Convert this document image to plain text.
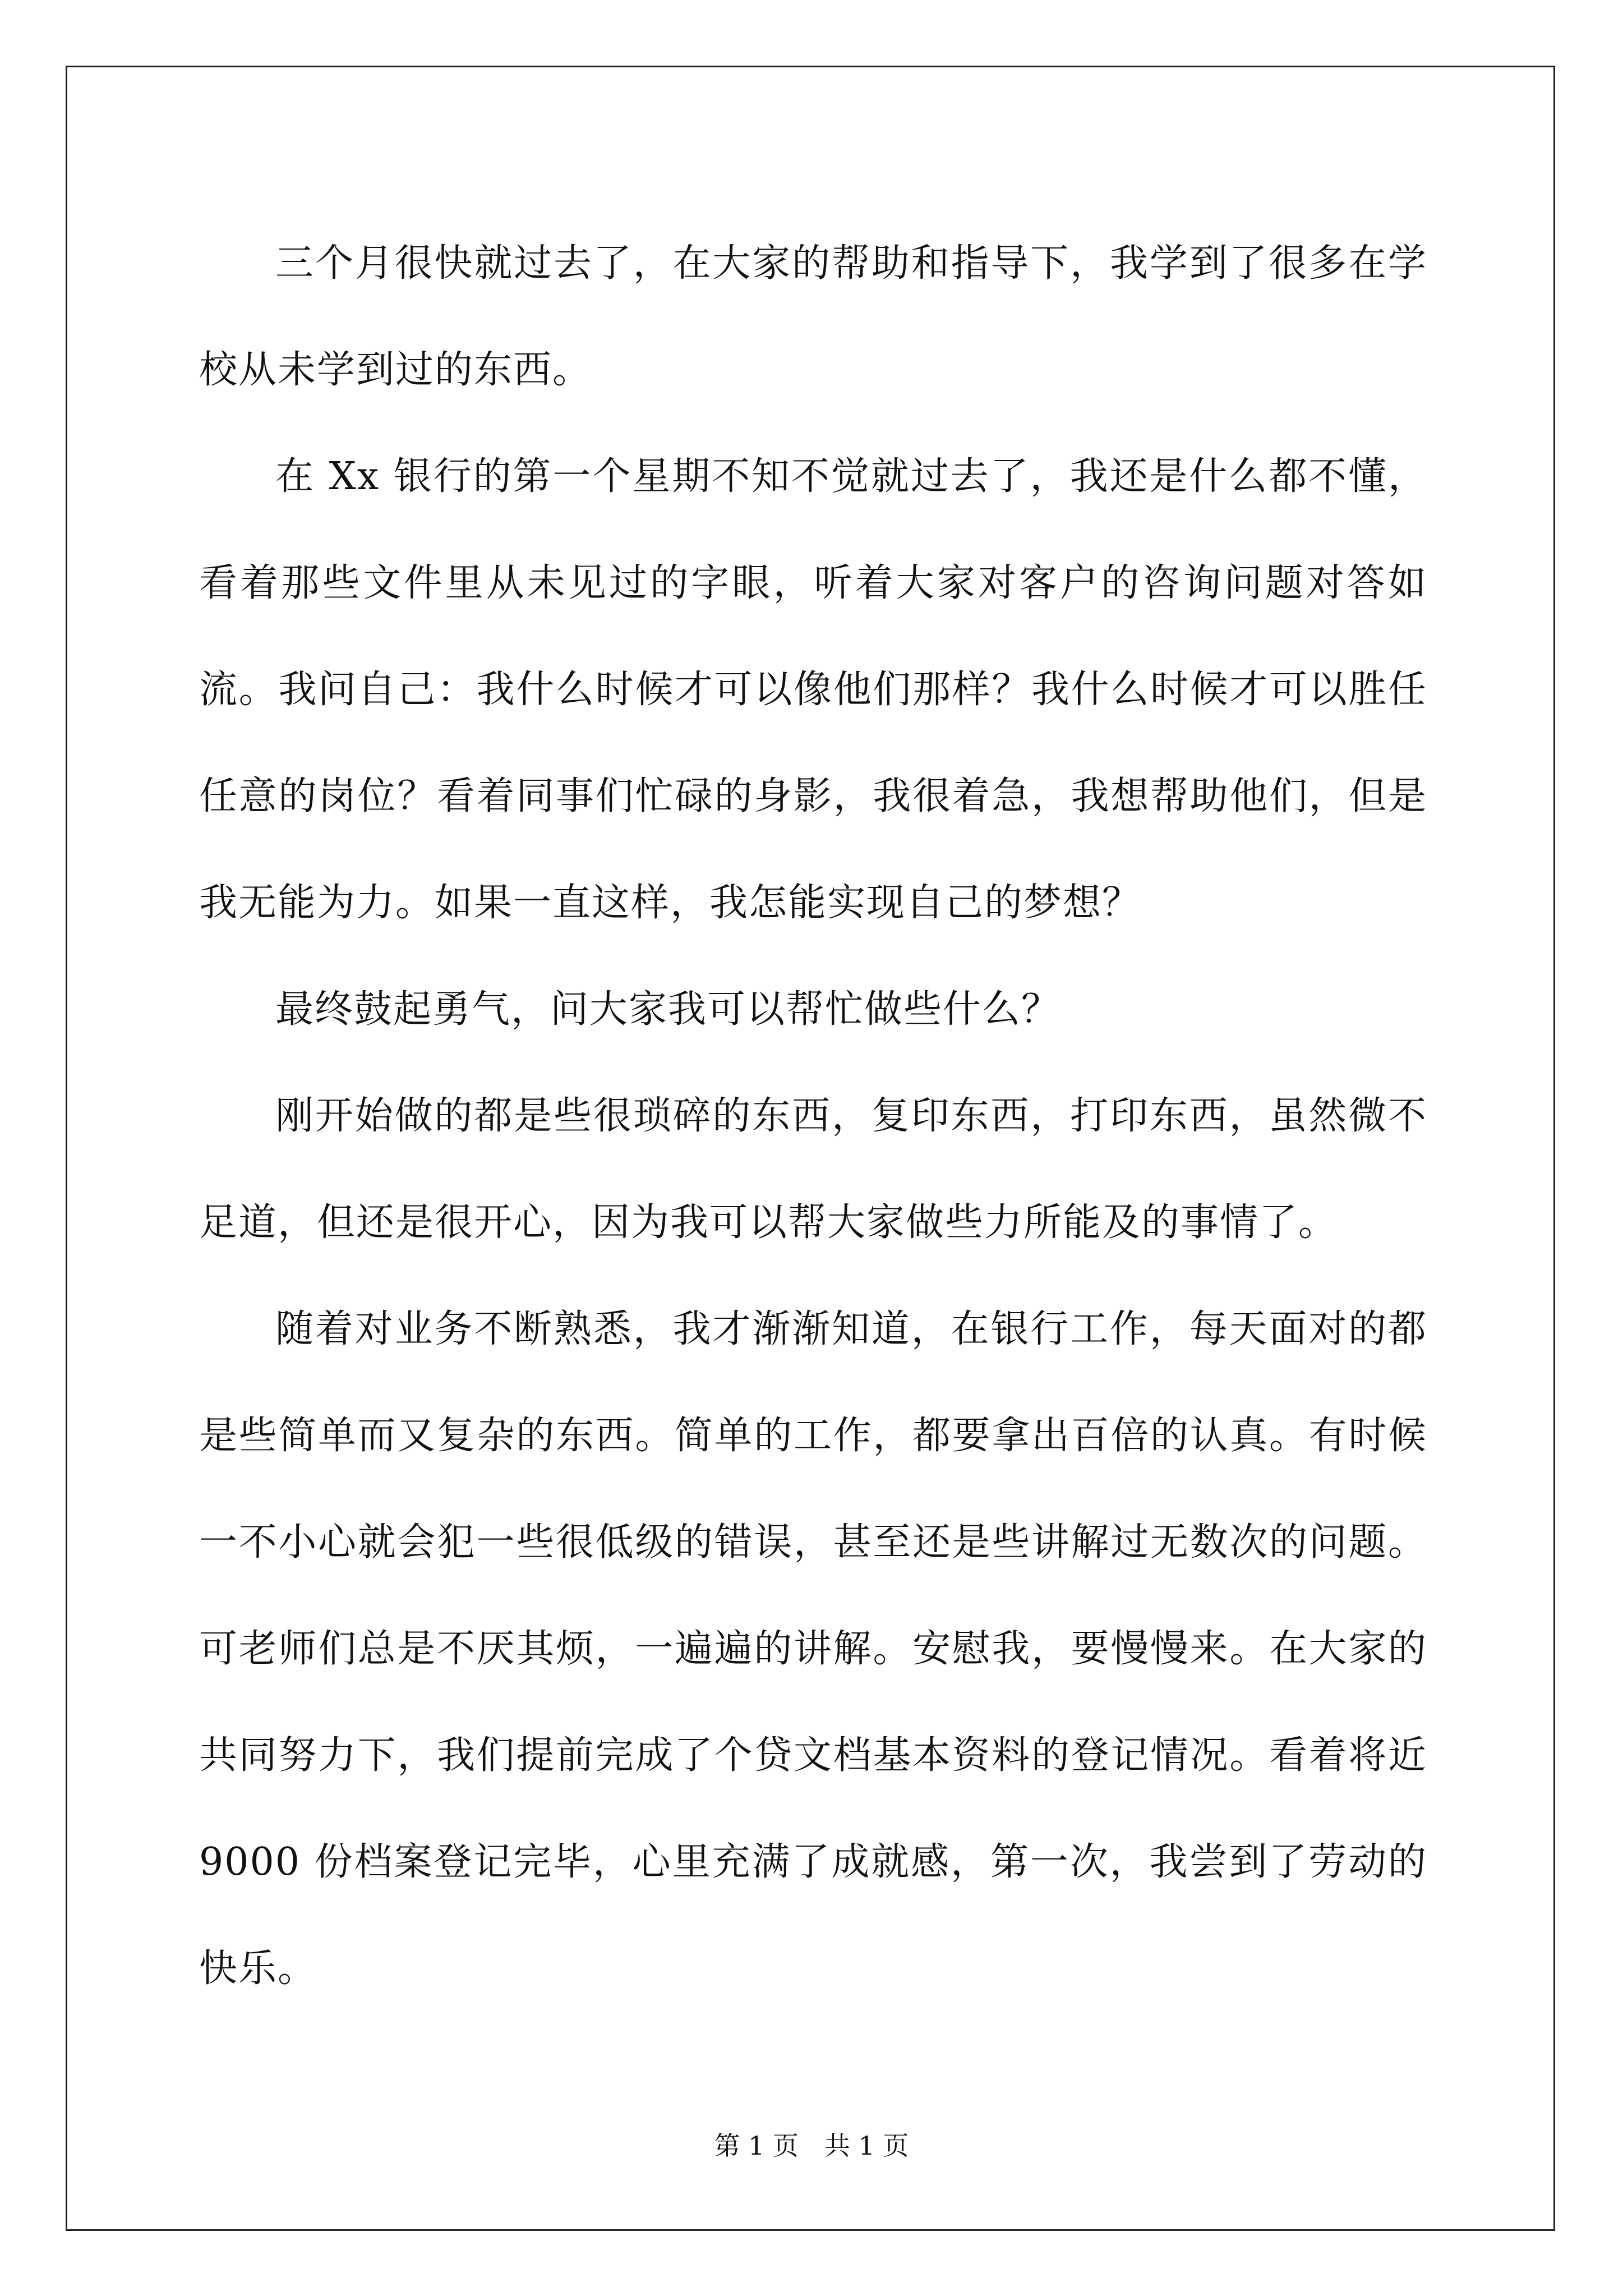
三个月很快就过去了，在大家的帮助和指导下，我学到了很多在学校从未学到过的东西。

在 Xx 银行的第一个星期不知不觉就过去了，我还是什么都不懂，看着那些文件里从未见过的字眼，听着大家对客户的咨询问题对答如流。我问自己：我什么时候才可以像他们那样？我什么时候才可以胜任任意的岗位？看着同事们忙碌的身影，我很着急，我想帮助他们，但是我无能为力。如果一直这样，我怎能实现自己的梦想？

最终鼓起勇气，问大家我可以帮忙做些什么？

刚开始做的都是些很琐碎的东西，复印东西，打印东西，虽然微不足道，但还是很开心，因为我可以帮大家做些力所能及的事情了。

随着对业务不断熟悉，我才渐渐知道，在银行工作，每天面对的都是些简单而又复杂的东西。简单的工作，都要拿出百倍的认真。有时候一不小心就会犯一些很低级的错误，甚至还是些讲解过无数次的问题。可老师们总是不厌其烦，一遍遍的讲解。安慰我，要慢慢来。在大家的共同努力下，我们提前完成了个贷文档基本资料的登记情况。看着将近 9000 份档案登记完毕，心里充满了成就感，第一次，我尝到了劳动的快乐。

第 1 页　共 1 页
